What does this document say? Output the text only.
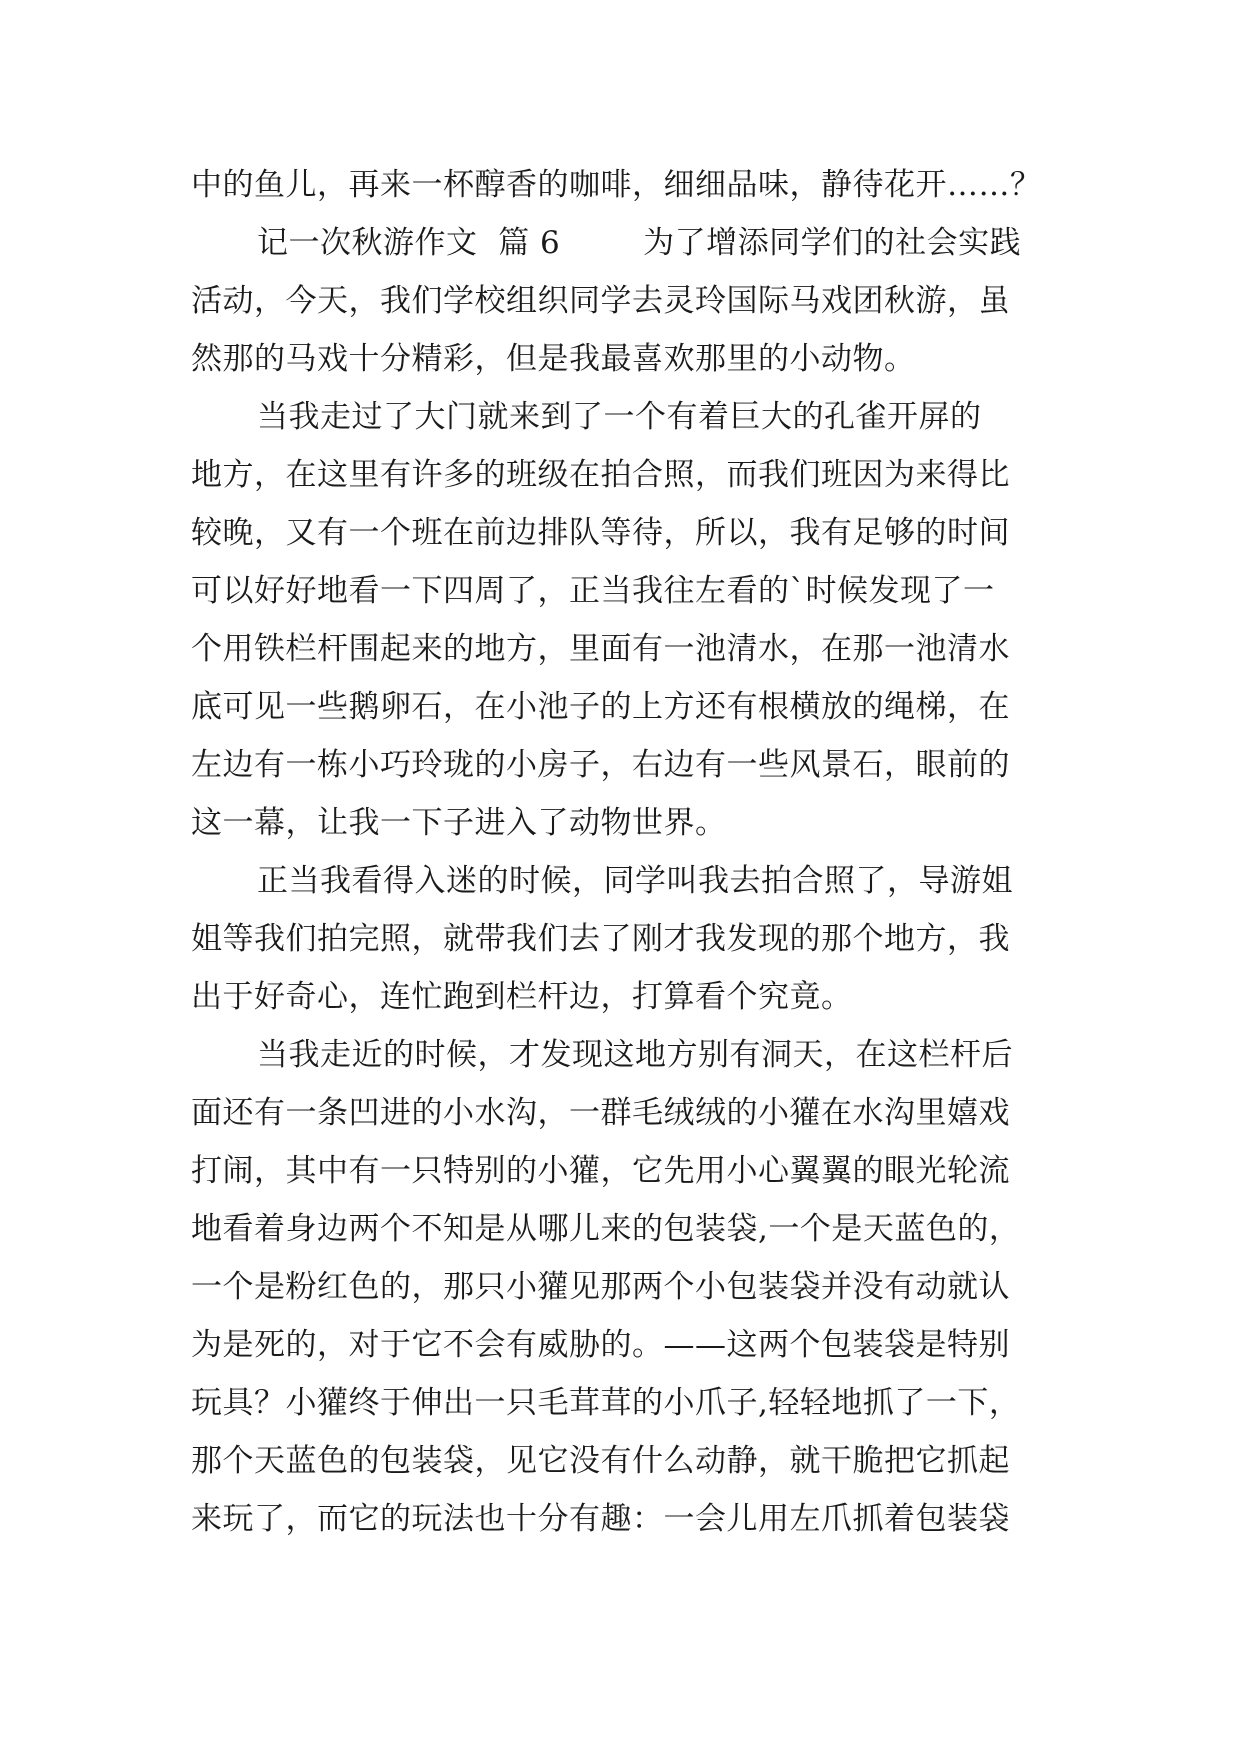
中的鱼儿，再来一杯醇香的咖啡，细细品味，静待花开……？
记一次秋游作文  篇 6        为了增添同学们的社会实践
活动，今天，我们学校组织同学去灵玲国际马戏团秋游，虽
然那的马戏十分精彩，但是我最喜欢那里的小动物。
当我走过了大门就来到了一个有着巨大的孔雀开屏的
地方，在这里有许多的班级在拍合照，而我们班因为来得比
较晚，又有一个班在前边排队等待，所以，我有足够的时间
可以好好地看一下四周了，正当我往左看的`时候发现了一
个用铁栏杆围起来的地方，里面有一池清水，在那一池清水
底可见一些鹅卵石，在小池子的上方还有根横放的绳梯，在
左边有一栋小巧玲珑的小房子，右边有一些风景石，眼前的
这一幕，让我一下子进入了动物世界。
正当我看得入迷的时候，同学叫我去拍合照了，导游姐
姐等我们拍完照，就带我们去了刚才我发现的那个地方，我
出于好奇心，连忙跑到栏杆边，打算看个究竟。
当我走近的时候，才发现这地方别有洞天，在这栏杆后
面还有一条凹进的小水沟，一群毛绒绒的小獾在水沟里嬉戏
打闹，其中有一只特别的小獾，它先用小心翼翼的眼光轮流
地看着身边两个不知是从哪儿来的包装袋,一个是天蓝色的，
一个是粉红色的，那只小獾见那两个小包装袋并没有动就认
为是死的，对于它不会有威胁的。——这两个包装袋是特别
玩具？小獾终于伸出一只毛茸茸的小爪子,轻轻地抓了一下，
那个天蓝色的包装袋，见它没有什么动静，就干脆把它抓起
来玩了，而它的玩法也十分有趣：一会儿用左爪抓着包装袋
